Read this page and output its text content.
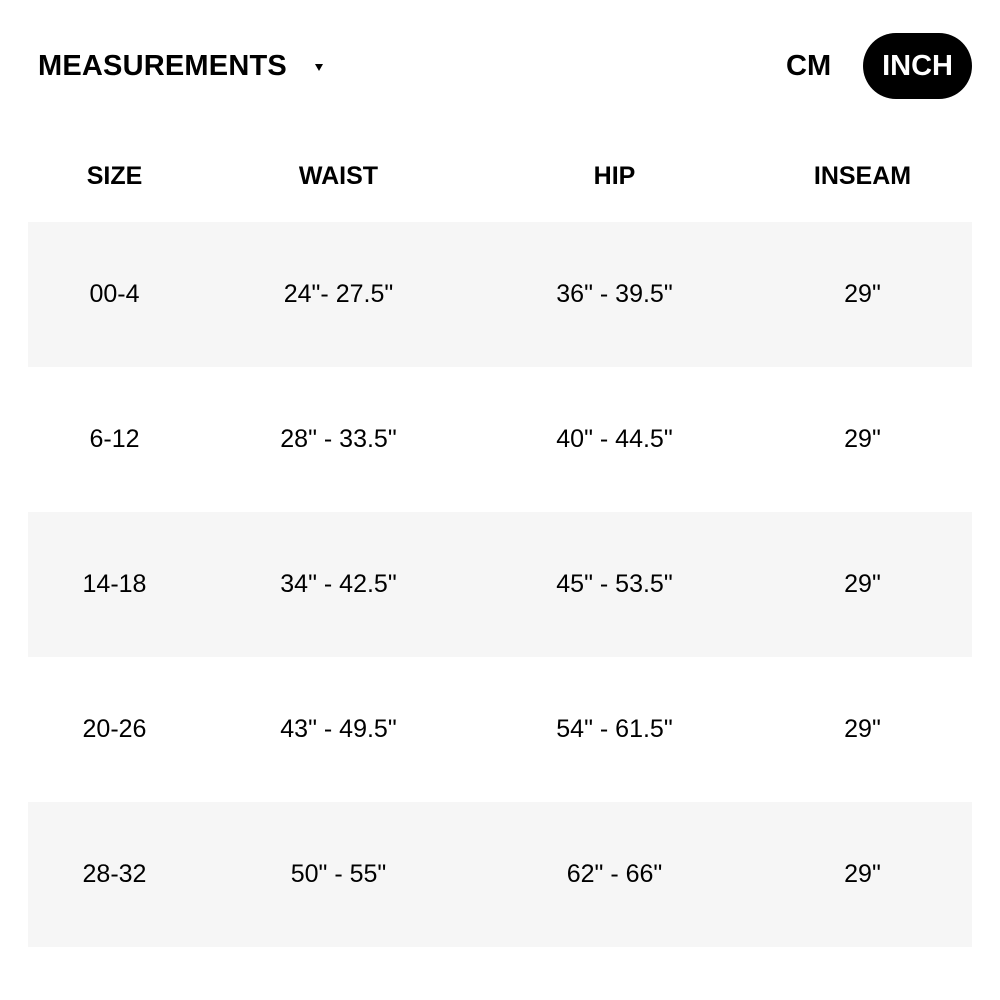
MEASUREMENTS	CM	INCH
SIZE	WAIST	HIP	INSEAM
00-4	24"- 27.5"	36" - 39.5"	29"
6-12	28" - 33.5"	40" - 44.5"	29"
14-18	34" - 42.5"	45" - 53.5"	29"
20-26	43" - 49.5"	54" - 61.5"	29"
28-32	50" - 55"	62" - 66"	29"
